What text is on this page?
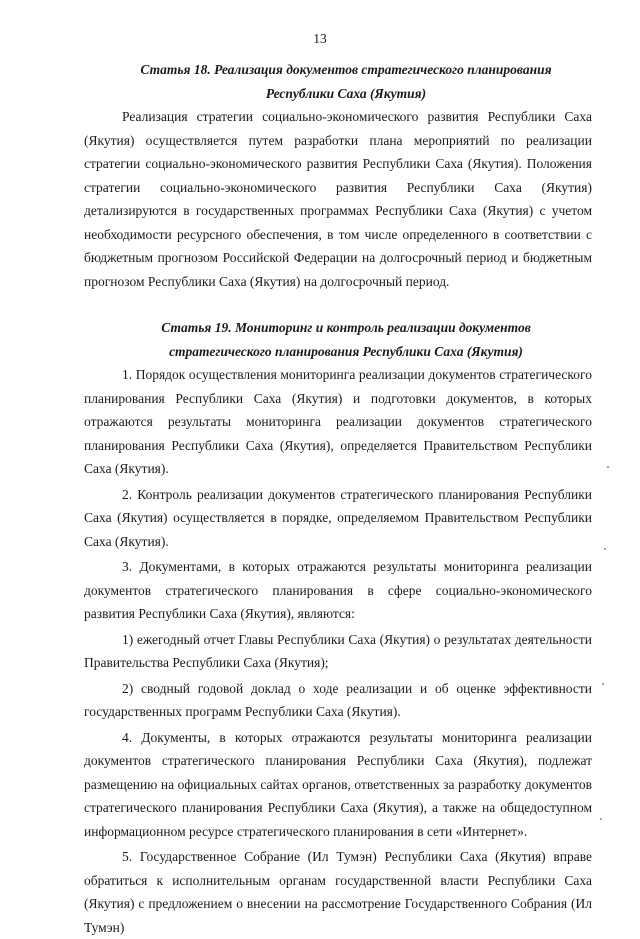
13

Статья 18. Реализация документов стратегического планирования Республики Саха (Якутия)

Реализация стратегии социально-экономического развития Республики Саха (Якутия) осуществляется путем разработки плана мероприятий по реализации стратегии социально-экономического развития Республики Саха (Якутия). Положения стратегии социально-экономического развития Республики Саха (Якутия) детализируются в государственных программах Республики Саха (Якутия) с учетом необходимости ресурсного обеспечения, в том числе определенного в соответствии с бюджетным прогнозом Российской Федерации на долгосрочный период и бюджетным прогнозом Республики Саха (Якутия) на долгосрочный период.

Статья 19. Мониторинг и контроль реализации документов стратегического планирования Республики Саха (Якутия)

1. Порядок осуществления мониторинга реализации документов стратегического планирования Республики Саха (Якутия) и подготовки документов, в которых отражаются результаты мониторинга реализации документов стратегического планирования Республики Саха (Якутия), определяется Правительством Республики Саха (Якутия).

2. Контроль реализации документов стратегического планирования Республики Саха (Якутия) осуществляется в порядке, определяемом Правительством Республики Саха (Якутия).

3. Документами, в которых отражаются результаты мониторинга реализации документов стратегического планирования в сфере социально-экономического развития Республики Саха (Якутия), являются:

1) ежегодный отчет Главы Республики Саха (Якутия) о результатах деятельности Правительства Республики Саха (Якутия);

2) сводный годовой доклад о ходе реализации и об оценке эффективности государственных программ Республики Саха (Якутия).

4. Документы, в которых отражаются результаты мониторинга реализации документов стратегического планирования Республики Саха (Якутия), подлежат размещению на официальных сайтах органов, ответственных за разработку документов стратегического планирования Республики Саха (Якутия), а также на общедоступном информационном ресурсе стратегического планирования в сети «Интернет».

5. Государственное Собрание (Ил Тумэн) Республики Саха (Якутия) вправе обратиться к исполнительным органам государственной власти Республики Саха (Якутия) с предложением о внесении на рассмотрение Государственного Собрания (Ил Тумэн)
